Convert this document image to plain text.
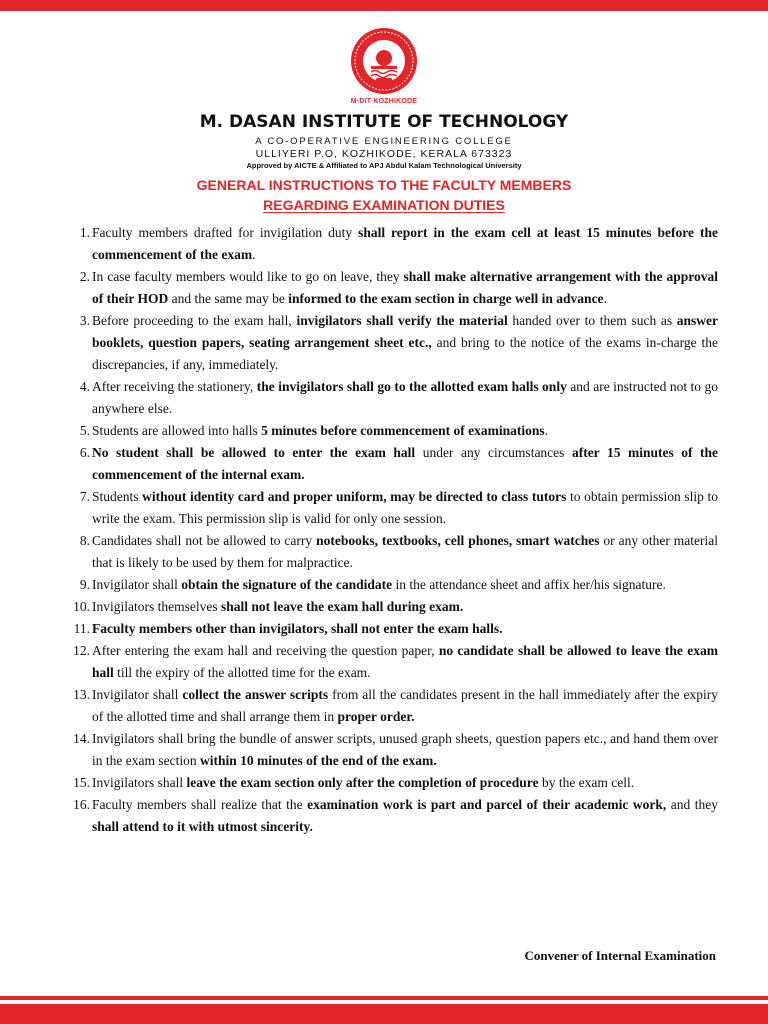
M·DIT KOZHIKODE
M. DASAN INSTITUTE OF TECHNOLOGY
A CO-OPERATIVE ENGINEERING COLLEGE
ULLIYERI P.O, KOZHIKODE, KERALA 673323
Approved by AICTE & Affiliated to APJ Abdul Kalam Technological University
GENERAL INSTRUCTIONS TO THE FACULTY MEMBERS
REGARDING EXAMINATION DUTIES
1. Faculty members drafted for invigilation duty shall report in the exam cell at least 15 minutes before the commencement of the exam.
2. In case faculty members would like to go on leave, they shall make alternative arrangement with the approval of their HOD and the same may be informed to the exam section in charge well in advance.
3. Before proceeding to the exam hall, invigilators shall verify the material handed over to them such as answer booklets, question papers, seating arrangement sheet etc., and bring to the notice of the exams in-charge the discrepancies, if any, immediately.
4. After receiving the stationery, the invigilators shall go to the allotted exam halls only and are instructed not to go anywhere else.
5. Students are allowed into halls 5 minutes before commencement of examinations.
6. No student shall be allowed to enter the exam hall under any circumstances after 15 minutes of the commencement of the internal exam.
7. Students without identity card and proper uniform, may be directed to class tutors to obtain permission slip to write the exam. This permission slip is valid for only one session.
8. Candidates shall not be allowed to carry notebooks, textbooks, cell phones, smart watches or any other material that is likely to be used by them for malpractice.
9. Invigilator shall obtain the signature of the candidate in the attendance sheet and affix her/his signature.
10. Invigilators themselves shall not leave the exam hall during exam.
11. Faculty members other than invigilators, shall not enter the exam halls.
12. After entering the exam hall and receiving the question paper, no candidate shall be allowed to leave the exam hall till the expiry of the allotted time for the exam.
13. Invigilator shall collect the answer scripts from all the candidates present in the hall immediately after the expiry of the allotted time and shall arrange them in proper order.
14. Invigilators shall bring the bundle of answer scripts, unused graph sheets, question papers etc., and hand them over in the exam section within 10 minutes of the end of the exam.
15. Invigilators shall leave the exam section only after the completion of procedure by the exam cell.
16. Faculty members shall realize that the examination work is part and parcel of their academic work, and they shall attend to it with utmost sincerity.
Convener of Internal Examination
